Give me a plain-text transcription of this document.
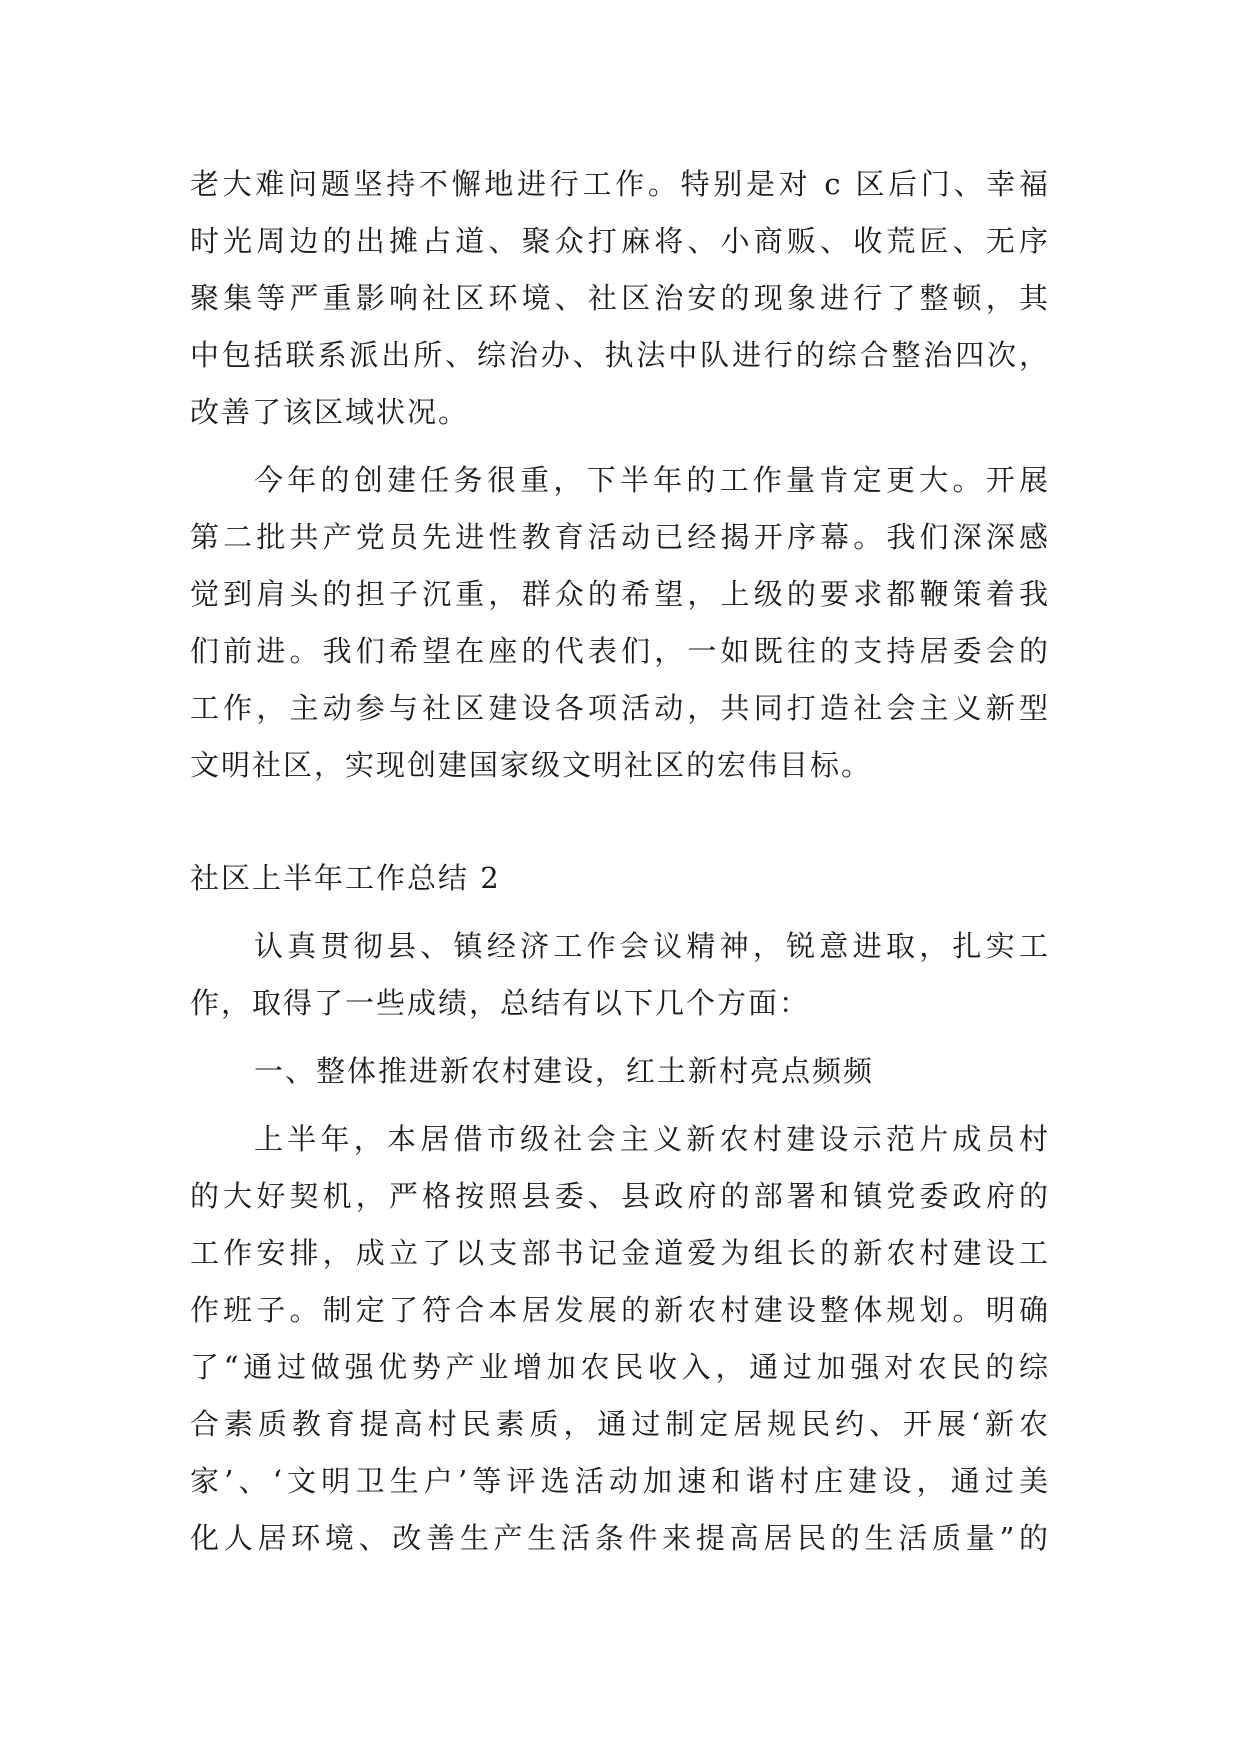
老大难问题坚持不懈地进行工作。特别是对 c 区后门、幸福
时光周边的出摊占道、聚众打麻将、小商贩、收荒匠、无序
聚集等严重影响社区环境、社区治安的现象进行了整顿，其
中包括联系派出所、综治办、执法中队进行的综合整治四次，
改善了该区域状况。
今年的创建任务很重，下半年的工作量肯定更大。开展
第二批共产党员先进性教育活动已经揭开序幕。我们深深感
觉到肩头的担子沉重，群众的希望，上级的要求都鞭策着我
们前进。我们希望在座的代表们，一如既往的支持居委会的
工作，主动参与社区建设各项活动，共同打造社会主义新型
文明社区，实现创建国家级文明社区的宏伟目标。
社区上半年工作总结 2
认真贯彻县、镇经济工作会议精神，锐意进取，扎实工
作，取得了一些成绩，总结有以下几个方面：
一、整体推进新农村建设，红土新村亮点频频
上半年，本居借市级社会主义新农村建设示范片成员村
的大好契机，严格按照县委、县政府的部署和镇党委政府的
工作安排，成立了以支部书记金道爱为组长的新农村建设工
作班子。制定了符合本居发展的新农村建设整体规划。明确
了“通过做强优势产业增加农民收入，通过加强对农民的综
合素质教育提高村民素质，通过制定居规民约、开展‘新农
家’、‘文明卫生户’等评选活动加速和谐村庄建设，通过美
化人居环境、改善生产生活条件来提高居民的生活质量”的
